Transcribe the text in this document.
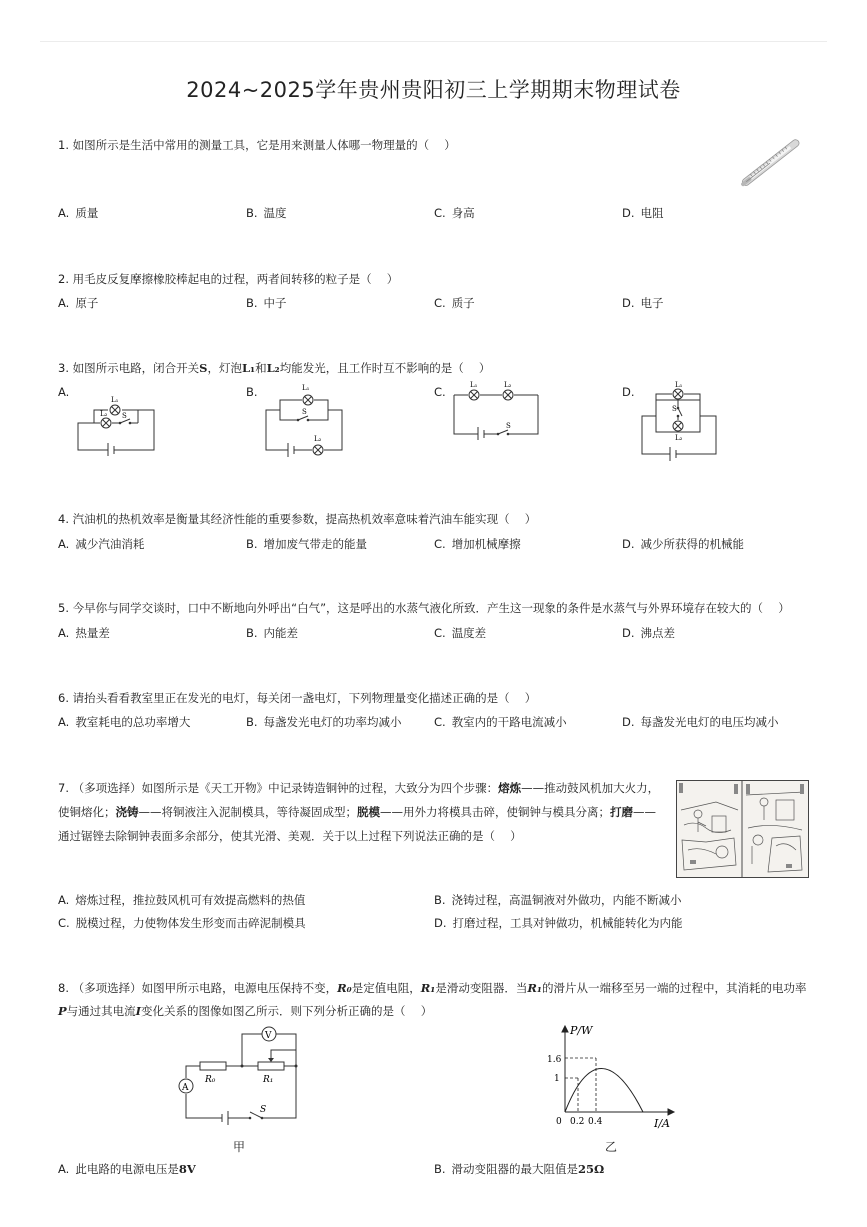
2024~2025学年贵州贵阳初三上学期期末物理试卷
1. 如图所示是生活中常用的测量工具，它是用来测量人体哪一物理量的（　 ）
A. 质量	B. 温度	C. 身高	D. 电阻
2. 用毛皮反复摩擦橡胶棒起电的过程，两者间转移的粒子是（　 ）
A. 原子	B. 中子	C. 质子	D. 电子
3. 如图所示电路，闭合开关S，灯泡L₁和L₂均能发光，且工作时互不影响的是（　 ）
A.
L₁
L₂ S
B.	L₁
S
L₂
C.	L₁	L₂
S
D.	L₁
S
L₂
4. 汽油机的热机效率是衡量其经济性能的重要参数，提高热机效率意味着汽油车能实现（　 ）
A. 减少汽油消耗	B. 增加废气带走的能量	C. 增加机械摩擦	D. 减少所获得的机械能
5. 今早你与同学交谈时，口中不断地向外呼出“白气”，这是呼出的水蒸气液化所致．产生这一现象的条件是水蒸气与外界环境存在较大的（　 ）
A. 热量差	B. 内能差	C. 温度差	D. 沸点差
6. 请抬头看看教室里正在发光的电灯，每关闭一盏电灯，下列物理量变化描述正确的是（　 ）
A. 教室耗电的总功率增大	B. 每盏发光电灯的功率均减小	C. 教室内的干路电流减小	D. 每盏发光电灯的电压均减小
7. （多项选择）如图所示是《天工开物》中记录铸造铜钟的过程，大致分为四个步骤：熔炼——推动鼓风机加大火力，
使铜熔化；浇铸——将铜液注入泥制模具，等待凝固成型；脱模——用外力将模具击碎，使铜钟与模具分离；打磨——
通过锯锉去除铜钟表面多余部分，使其光滑、美观．关于以上过程下列说法正确的是（　 ）
A. 熔炼过程，推拉鼓风机可有效提高燃料的热值	B. 浇铸过程，高温铜液对外做功，内能不断减小
C. 脱模过程，力使物体发生形变而击碎泥制模具	D. 打磨过程，工具对钟做功，机械能转化为内能
8. （多项选择）如图甲所示电路，电源电压保持不变，R₀是定值电阻，R₁是滑动变阻器．当R₁的滑片从一端移至另一端的过程中，其消耗的电功率
P与通过其电流I变化关系的图像如图乙所示．则下列分析正确的是（　 ）
A
V
R₀	R₁
S
甲
P/W
1.6
1
0 0.2 0.4	I/A
乙
A. 此电路的电源电压是8V	B. 滑动变阻器的最大阻值是25Ω
